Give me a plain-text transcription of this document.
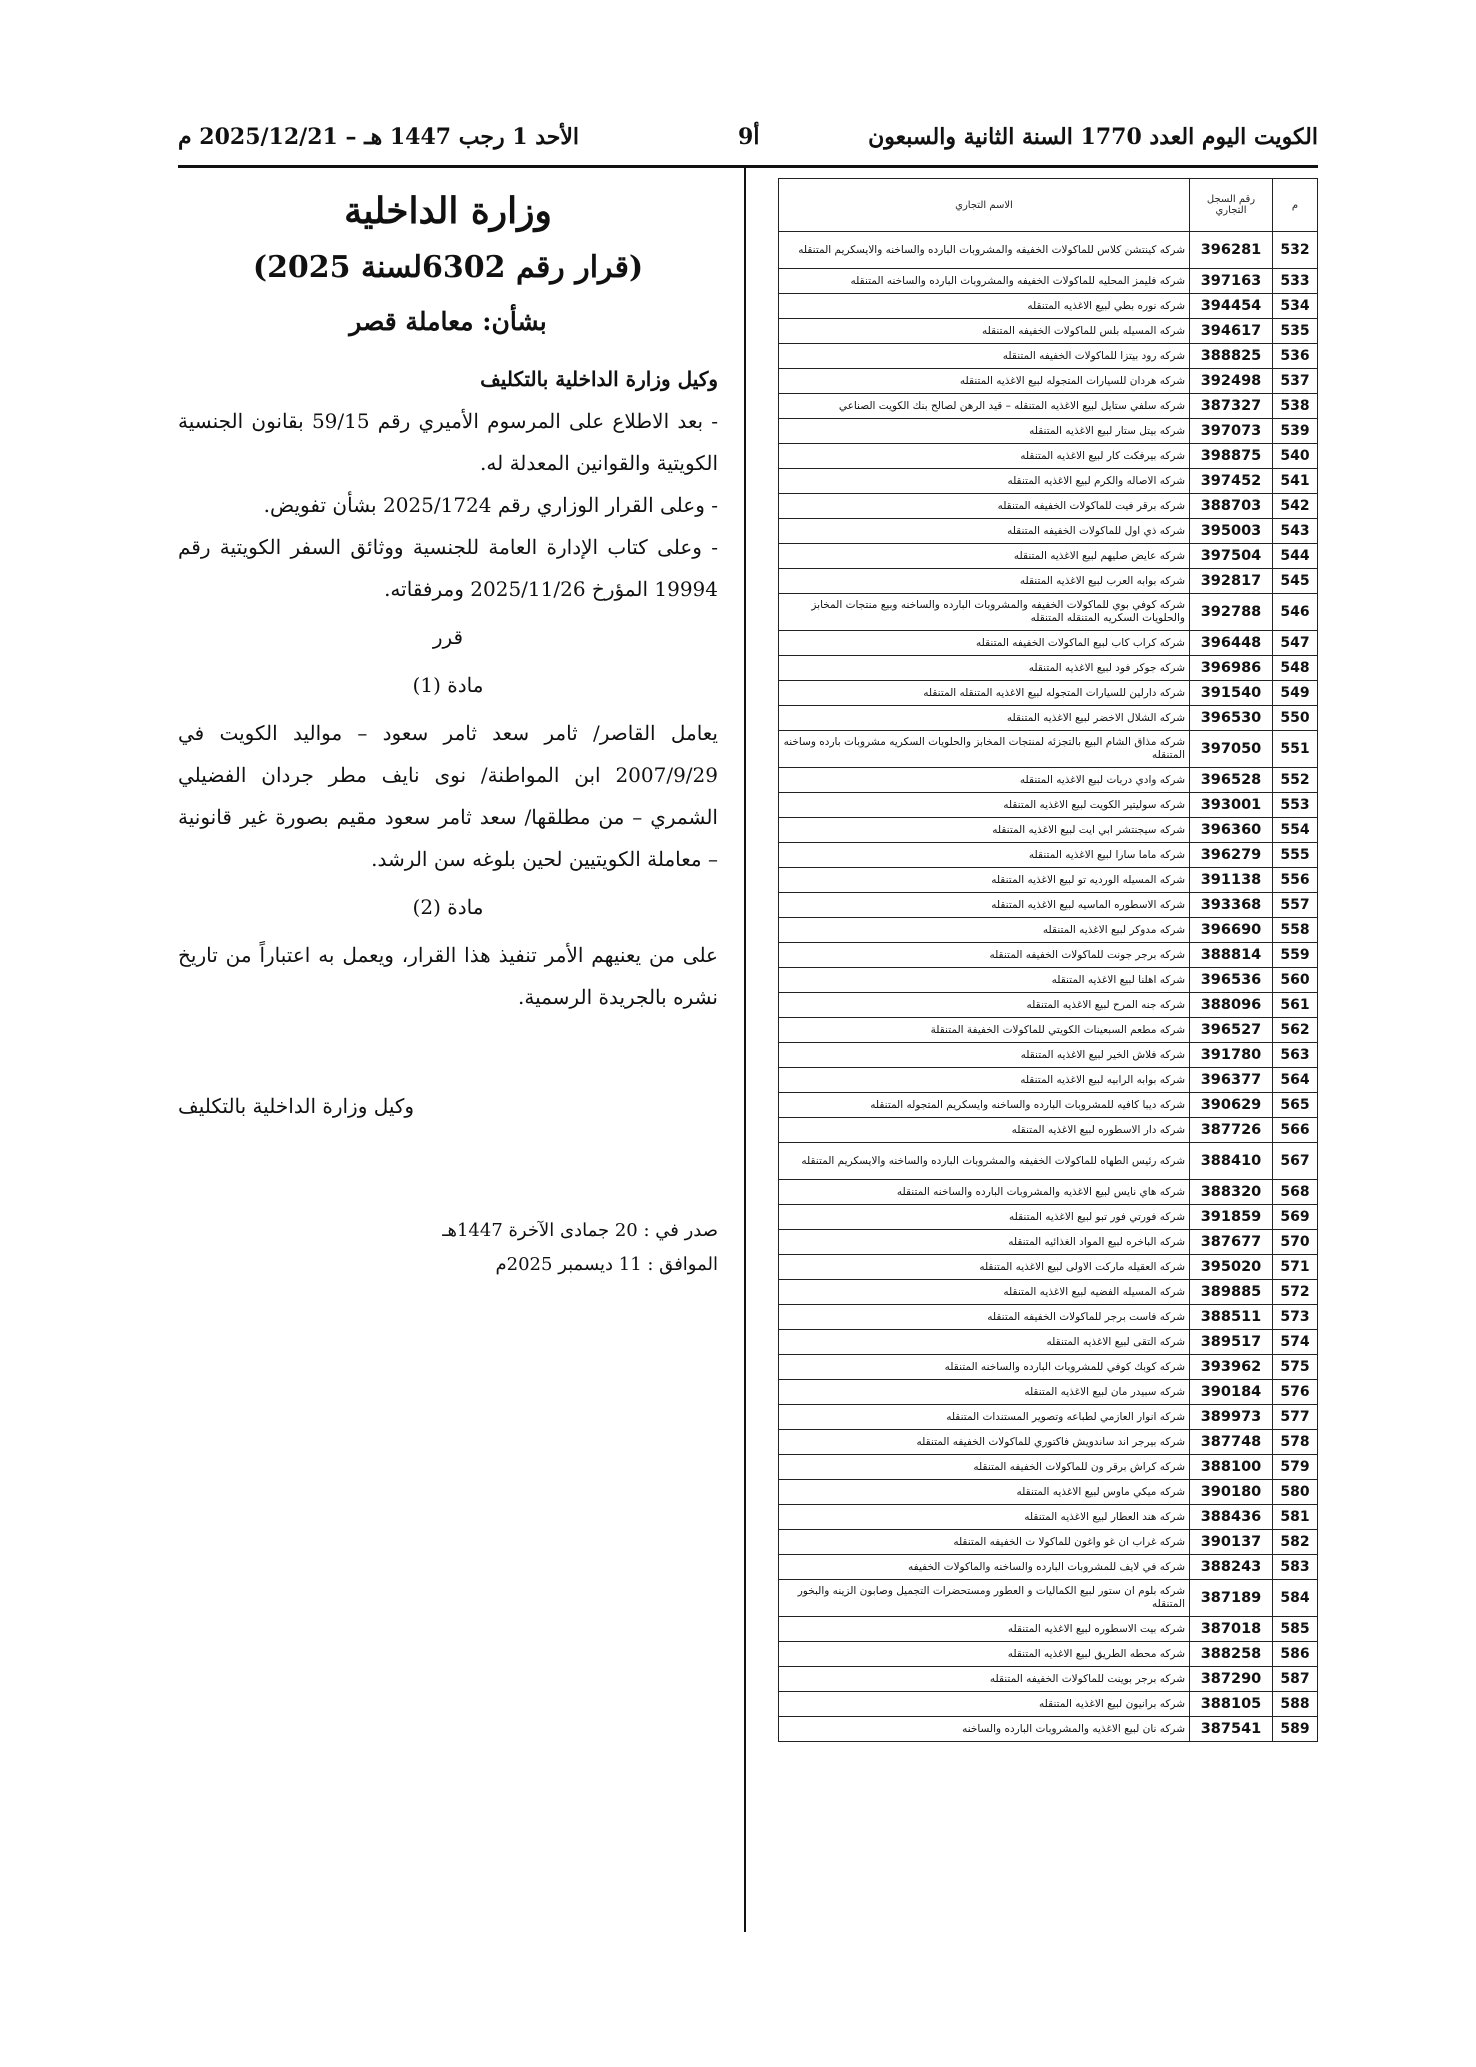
الكويت اليوم العدد 1770 السنة الثانية والسبعون
أ9
الأحد 1 رجب 1447 هـ – 2025/12/21 م
م	رقم السجل التجاري	الاسم التجاري
532	396281	شركه كينتشن كلاس للماكولات الخفيفه والمشروبات البارده والساخنه والايسكريم المتنقله
533	397163	شركه فليمز المحليه للماكولات الخفيفه والمشروبات البارده والساخنه المتنقله
534	394454	شركه نوره بطي لبيع الاغذيه المتنقله
535	394617	شركه المسيله بلس للماكولات الخفيفه المتنقله
536	388825	شركه رود بيتزا للماكولات الخفيفه المتنقله
537	392498	شركه هردان للسيارات المتجوله لبيع الاغذيه المتنقله
538	387327	شركه سلفي ستايل لبيع الاغذيه المتنقله – قيد الرهن لصالح بنك الكويت الصناعي
539	397073	شركه بيتل ستار لبيع الاغذيه المتنقله
540	398875	شركه بيرفكت كار لبيع الاغذيه المتنقله
541	397452	شركه الاصاله والكرم لبيع الاغذيه المتنقله
542	388703	شركه برقر فيت للماكولات الخفيفه المتنقله
543	395003	شركه ذي اول للماكولات الخفيفه المتنقله
544	397504	شركه عايض صليهم لبيع الاغذيه المتنقله
545	392817	شركه بوابه العرب لبيع الاغذيه المتنقله
546	392788	شركه كوفي بوي للماكولات الخفيفه والمشروبات البارده والساخنه وبيع منتجات المخابز والحلويات السكريه المتنقله المتنقله
547	396448	شركه كراب كاب لبيع الماكولات الخفيفه المتنقله
548	396986	شركه جوكر فود لبيع الاغذيه المتنقله
549	391540	شركه دارلين للسيارات المتجوله لبيع الاغذيه المتنقله المتنقله
550	396530	شركه الشلال الاخضر لبيع الاغذيه المتنقله
551	397050	شركه مذاق الشام البيع بالتجزئه لمنتجات المخابز والحلويات السكريه مشروبات بارده وساخنه المتنقله
552	396528	شركه وادي دربات لبيع الاغذيه المتنقله
553	393001	شركه سوليتير الكويت لبيع الاغذيه المتنقله
554	396360	شركه سيجنتشر ابي ايت لبيع الاغذيه المتنقله
555	396279	شركه ماما سارا لبيع الاغذيه المتنقله
556	391138	شركه المسيله الورديه تو لبيع الاغذيه المتنقله
557	393368	شركه الاسطوره الماسيه لبيع الاغذيه المتنقله
558	396690	شركه مدوكر لبيع الاغذيه المتنقله
559	388814	شركه برجر جونت للماكولات الخفيفه المتنقله
560	396536	شركه اهلنا لبيع الاغذيه المتنقله
561	388096	شركه جنه المرح لبيع الاغذيه المتنقله
562	396527	شركه مطعم السبعينات الكويتي للماكولات الخفيفة المتنقلة
563	391780	شركه فلاش الخير لبيع الاغذيه المتنقله
564	396377	شركه بوابه الرابيه لبيع الاغذيه المتنقله
565	390629	شركه ديبا كافيه للمشروبات البارده والساخنه وايسكريم المتجوله المتنقله
566	387726	شركه دار الاسطوره لبيع الاغذيه المتنقله
567	388410	شركه رئيس الطهاه للماكولات الخفيفه والمشروبات البارده والساخنه والايسكريم المتنقله
568	388320	شركه هاي نايس لبيع الاغذيه والمشروبات البارده والساخنه المتنقله
569	391859	شركه فورتي فور تبو لبيع الاغذيه المتنقله
570	387677	شركه الباخره لبيع المواد الغذائيه المتنقله
571	395020	شركه العقيله ماركت الاولى لبيع الاغذيه المتنقله
572	389885	شركه المسيله الفضيه لبيع الاغذيه المتنقله
573	388511	شركه فاست برجر للماكولات الخفيفه المتنقله
574	389517	شركه التقى لبيع الاغذيه المتنقله
575	393962	شركه كوبك كوفي للمشروبات البارده والساخنه المتنقله
576	390184	شركه سبيدر مان لبيع الاغذيه المتنقله
577	389973	شركه انوار العازمي لطباعه وتصوير المستندات المتنقله
578	387748	شركه بيرجر اند ساندويش فاكتوري للماكولات الخفيفه المتنقله
579	388100	شركه كراش برقر ون للماكولات الخفيفه المتنقله
580	390180	شركه ميكي ماوس لبيع الاغذيه المتنقله
581	388436	شركه هند العطار لبيع الاغذيه المتنقله
582	390137	شركه غراب ان غو واغون للماكولا ت الخفيفه المتنقله
583	388243	شركه في لايف للمشروبات البارده والساخنه والماكولات الخفيفه
584	387189	شركه بلوم ان ستور لبيع الكماليات و العطور ومستحضرات التجميل وصابون الزينه والبخور المتنقله
585	387018	شركه بيت الاسطوره لبيع الاغذيه المتنقله
586	388258	شركه محطه الطريق لبيع الاغذيه المتنقله
587	387290	شركه برجر بوينت للماكولات الخفيفه المتنقله
588	388105	شركه برانيون لبيع الاغذيه المتنقله
589	387541	شركه نان لبيع الاغذيه والمشروبات البارده والساخنه
وزارة الداخلية
(قرار رقم 6302لسنة 2025)
بشأن: معاملة قصر

وكيل وزارة الداخلية بالتكليف

- بعد الاطلاع على المرسوم الأميري رقم 59/15 بقانون الجنسية الكويتية والقوانين المعدلة له.

- وعلى القرار الوزاري رقم 2025/1724 بشأن تفويض.

- وعلى كتاب الإدارة العامة للجنسية ووثائق السفر الكويتية رقم 19994 المؤرخ 2025/11/26 ومرفقاته.

قرر
مادة (1)

يعامل القاصر/ ثامر سعد ثامر سعود – مواليد الكويت في 2007/9/29 ابن المواطنة/ نوى نايف مطر جردان الفضيلي الشمري – من مطلقها/ سعد ثامر سعود مقيم بصورة غير قانونية – معاملة الكويتيين لحين بلوغه سن الرشد.

مادة (2)

على من يعنيهم الأمر تنفيذ هذا القرار، ويعمل به اعتباراً من تاريخ نشره بالجريدة الرسمية.

وكيل وزارة الداخلية بالتكليف

صدر في : 20 جمادى الآخرة 1447هـ
الموافق : 11 ديسمبر 2025م
